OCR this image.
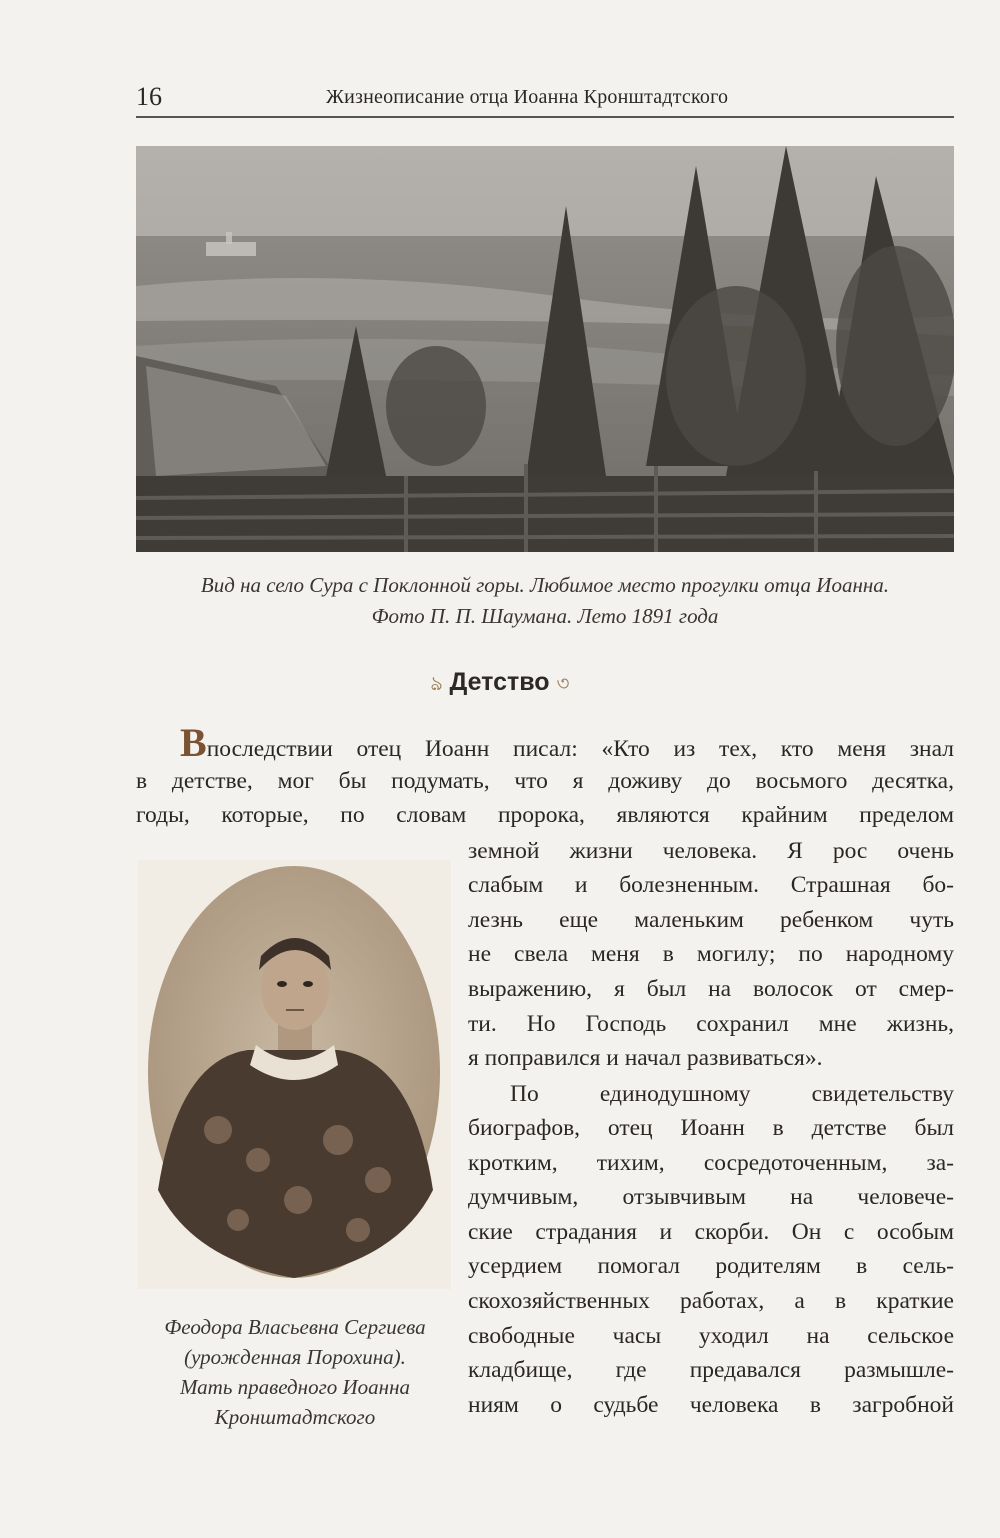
16	Жизнеописание отца Иоанна Кронштадтского
Вид на село Сура с Поклонной горы. Любимое место прогулки отца Иоанна.
Фото П. П. Шаумана. Лето 1891 года
ঌ Детство ৩
Впоследствии отец Иоанн писал: «Кто из тех, кто меня знал
в детстве, мог бы подумать, что я доживу до восьмого десятка,
годы, которые, по словам пророка, являются крайним пределом
земной жизни человека. Я рос очень
слабым и болезненным. Страшная бо-
лезнь еще маленьким ребенком чуть
не свела меня в могилу; по народному
выражению, я был на волосок от смер-
ти. Но Господь сохранил мне жизнь,
я поправился и начал развиваться».
По единодушному свидетельству
биографов, отец Иоанн в детстве был
кротким, тихим, сосредоточенным, за-
думчивым, отзывчивым на человече-
ские страдания и скорби. Он с особым
усердием помогал родителям в сель-
скохозяйственных работах, а в краткие
свободные часы уходил на сельское
кладбище, где предавался размышле-
ниям о судьбе человека в загробной
Феодора Власьевна Сергиева
(урожденная Порохина).
Мать праведного Иоанна
Кронштадтского
